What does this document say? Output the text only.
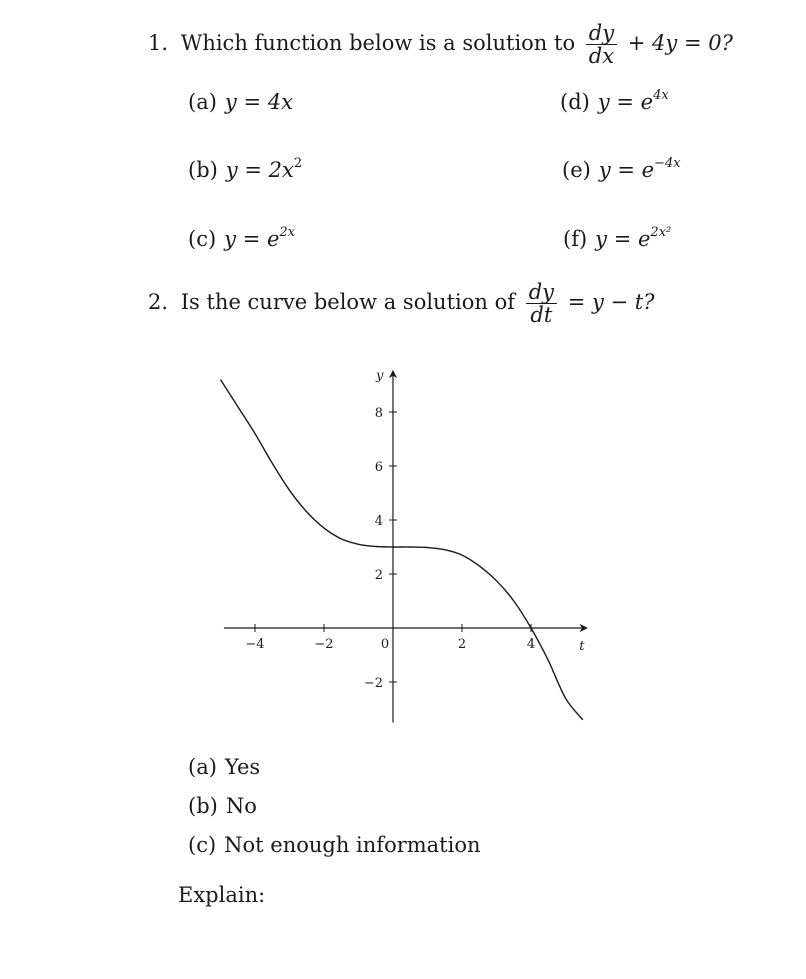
1. Which function below is a solution to $\frac{dy}{dx} + 4y = 0$?
(a) y = 4x
(b) $y = 2x^2$
(c) $y = e^{2x}$
(d) $y = e^{4x}$
(e) $y = e^{-4x}$
(f) $y = e^{2x^2}$
2. Is the curve below a solution of $\frac{dy}{dt} = y - t$?
−4	−2	0	2	4
−2
2
4
6
8
t
y
(a) Yes
(b) No
(c) Not enough information
Explain:
